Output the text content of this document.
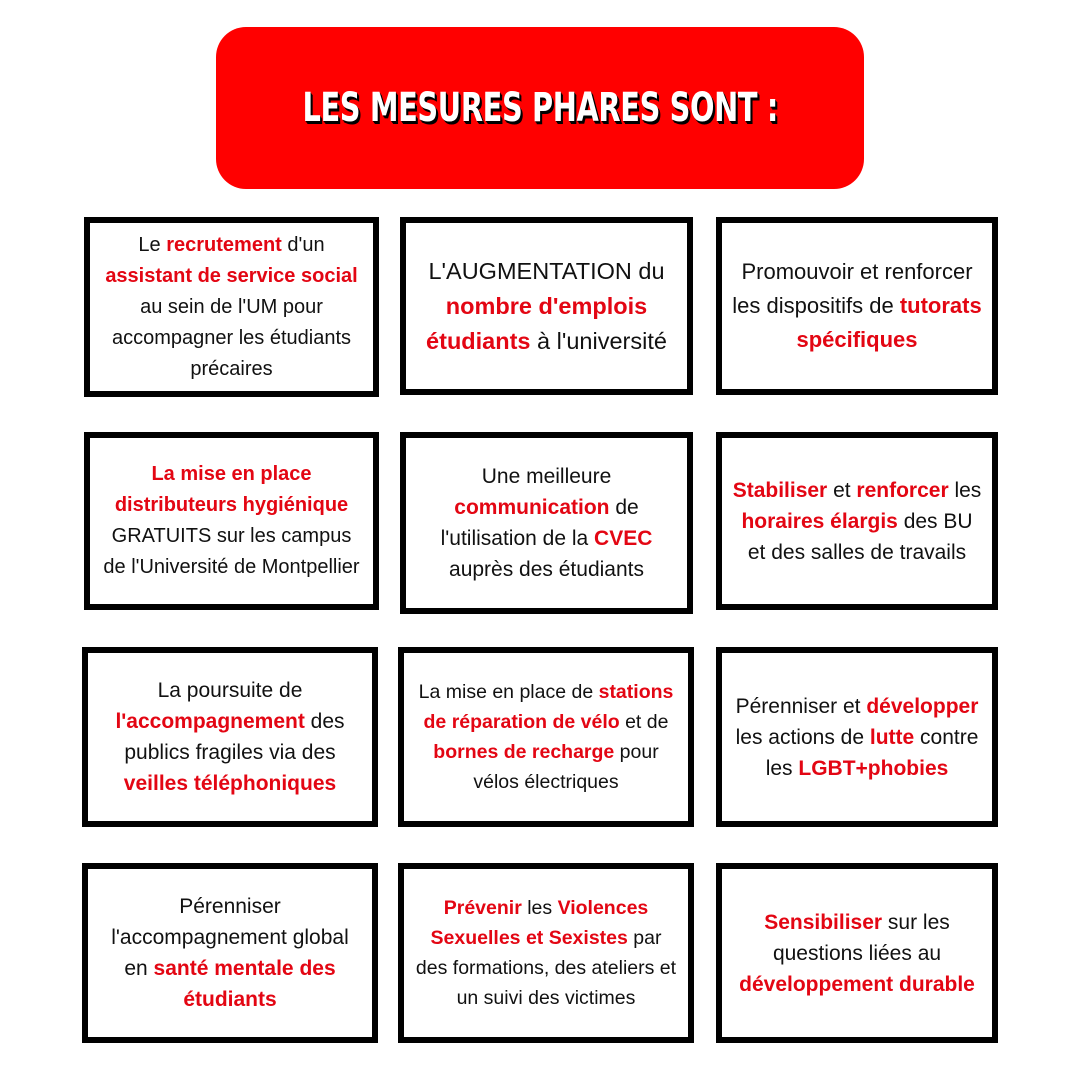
LES MESURES PHARES SONT :

Le recrutement d'un assistant de service social au sein de l'UM pour accompagner les étudiants précaires

L'AUGMENTATION du nombre d'emplois étudiants à l'université

Promouvoir et renforcer les dispositifs de tutorats spécifiques

La mise en place distributeurs hygiénique GRATUITS sur les campus de l'Université de Montpellier

Une meilleure communication de l'utilisation de la CVEC auprès des étudiants

Stabiliser et renforcer les horaires élargis des BU et des salles de travails

La poursuite de l'accompagnement des publics fragiles via des veilles téléphoniques

La mise en place de stations de réparation de vélo et de bornes de recharge pour vélos électriques

Pérenniser et développer les actions de lutte contre les LGBT+phobies

Pérenniser l'accompagnement global en santé mentale des étudiants

Prévenir les Violences Sexuelles et Sexistes par des formations, des ateliers et un suivi des victimes

Sensibiliser sur les questions liées au développement durable
